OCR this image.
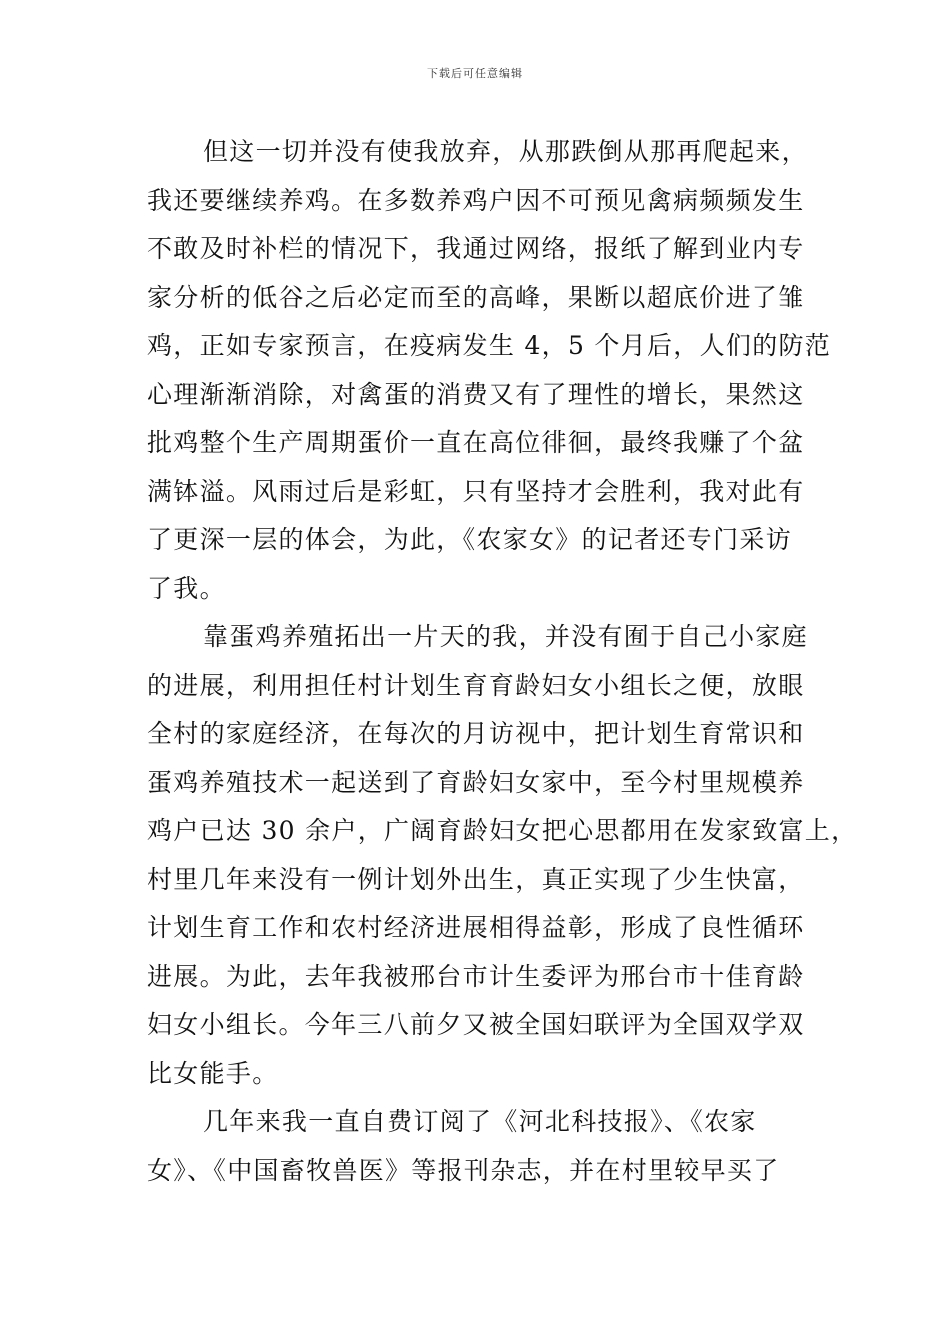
下载后可任意编辑
但这一切并没有使我放弃，从那跌倒从那再爬起来，
我还要继续养鸡。在多数养鸡户因不可预见禽病频频发生
不敢及时补栏的情况下，我通过网络，报纸了解到业内专
家分析的低谷之后必定而至的高峰，果断以超底价进了雏
鸡，正如专家预言，在疫病发生 4，5 个月后，人们的防范
心理渐渐消除，对禽蛋的消费又有了理性的增长，果然这
批鸡整个生产周期蛋价一直在高位徘徊，最终我赚了个盆
满钵溢。风雨过后是彩虹，只有坚持才会胜利，我对此有
了更深一层的体会，为此，《农家女》的记者还专门采访
了我。
靠蛋鸡养殖拓出一片天的我，并没有囿于自己小家庭
的进展，利用担任村计划生育育龄妇女小组长之便，放眼
全村的家庭经济，在每次的月访视中，把计划生育常识和
蛋鸡养殖技术一起送到了育龄妇女家中，至今村里规模养
鸡户已达 30 余户，广阔育龄妇女把心思都用在发家致富上，
村里几年来没有一例计划外出生，真正实现了少生快富，
计划生育工作和农村经济进展相得益彰，形成了良性循环
进展。为此，去年我被邢台市计生委评为邢台市十佳育龄
妇女小组长。今年三八前夕又被全国妇联评为全国双学双
比女能手。
几年来我一直自费订阅了《河北科技报》、《农家
女》、《中国畜牧兽医》等报刊杂志，并在村里较早买了
